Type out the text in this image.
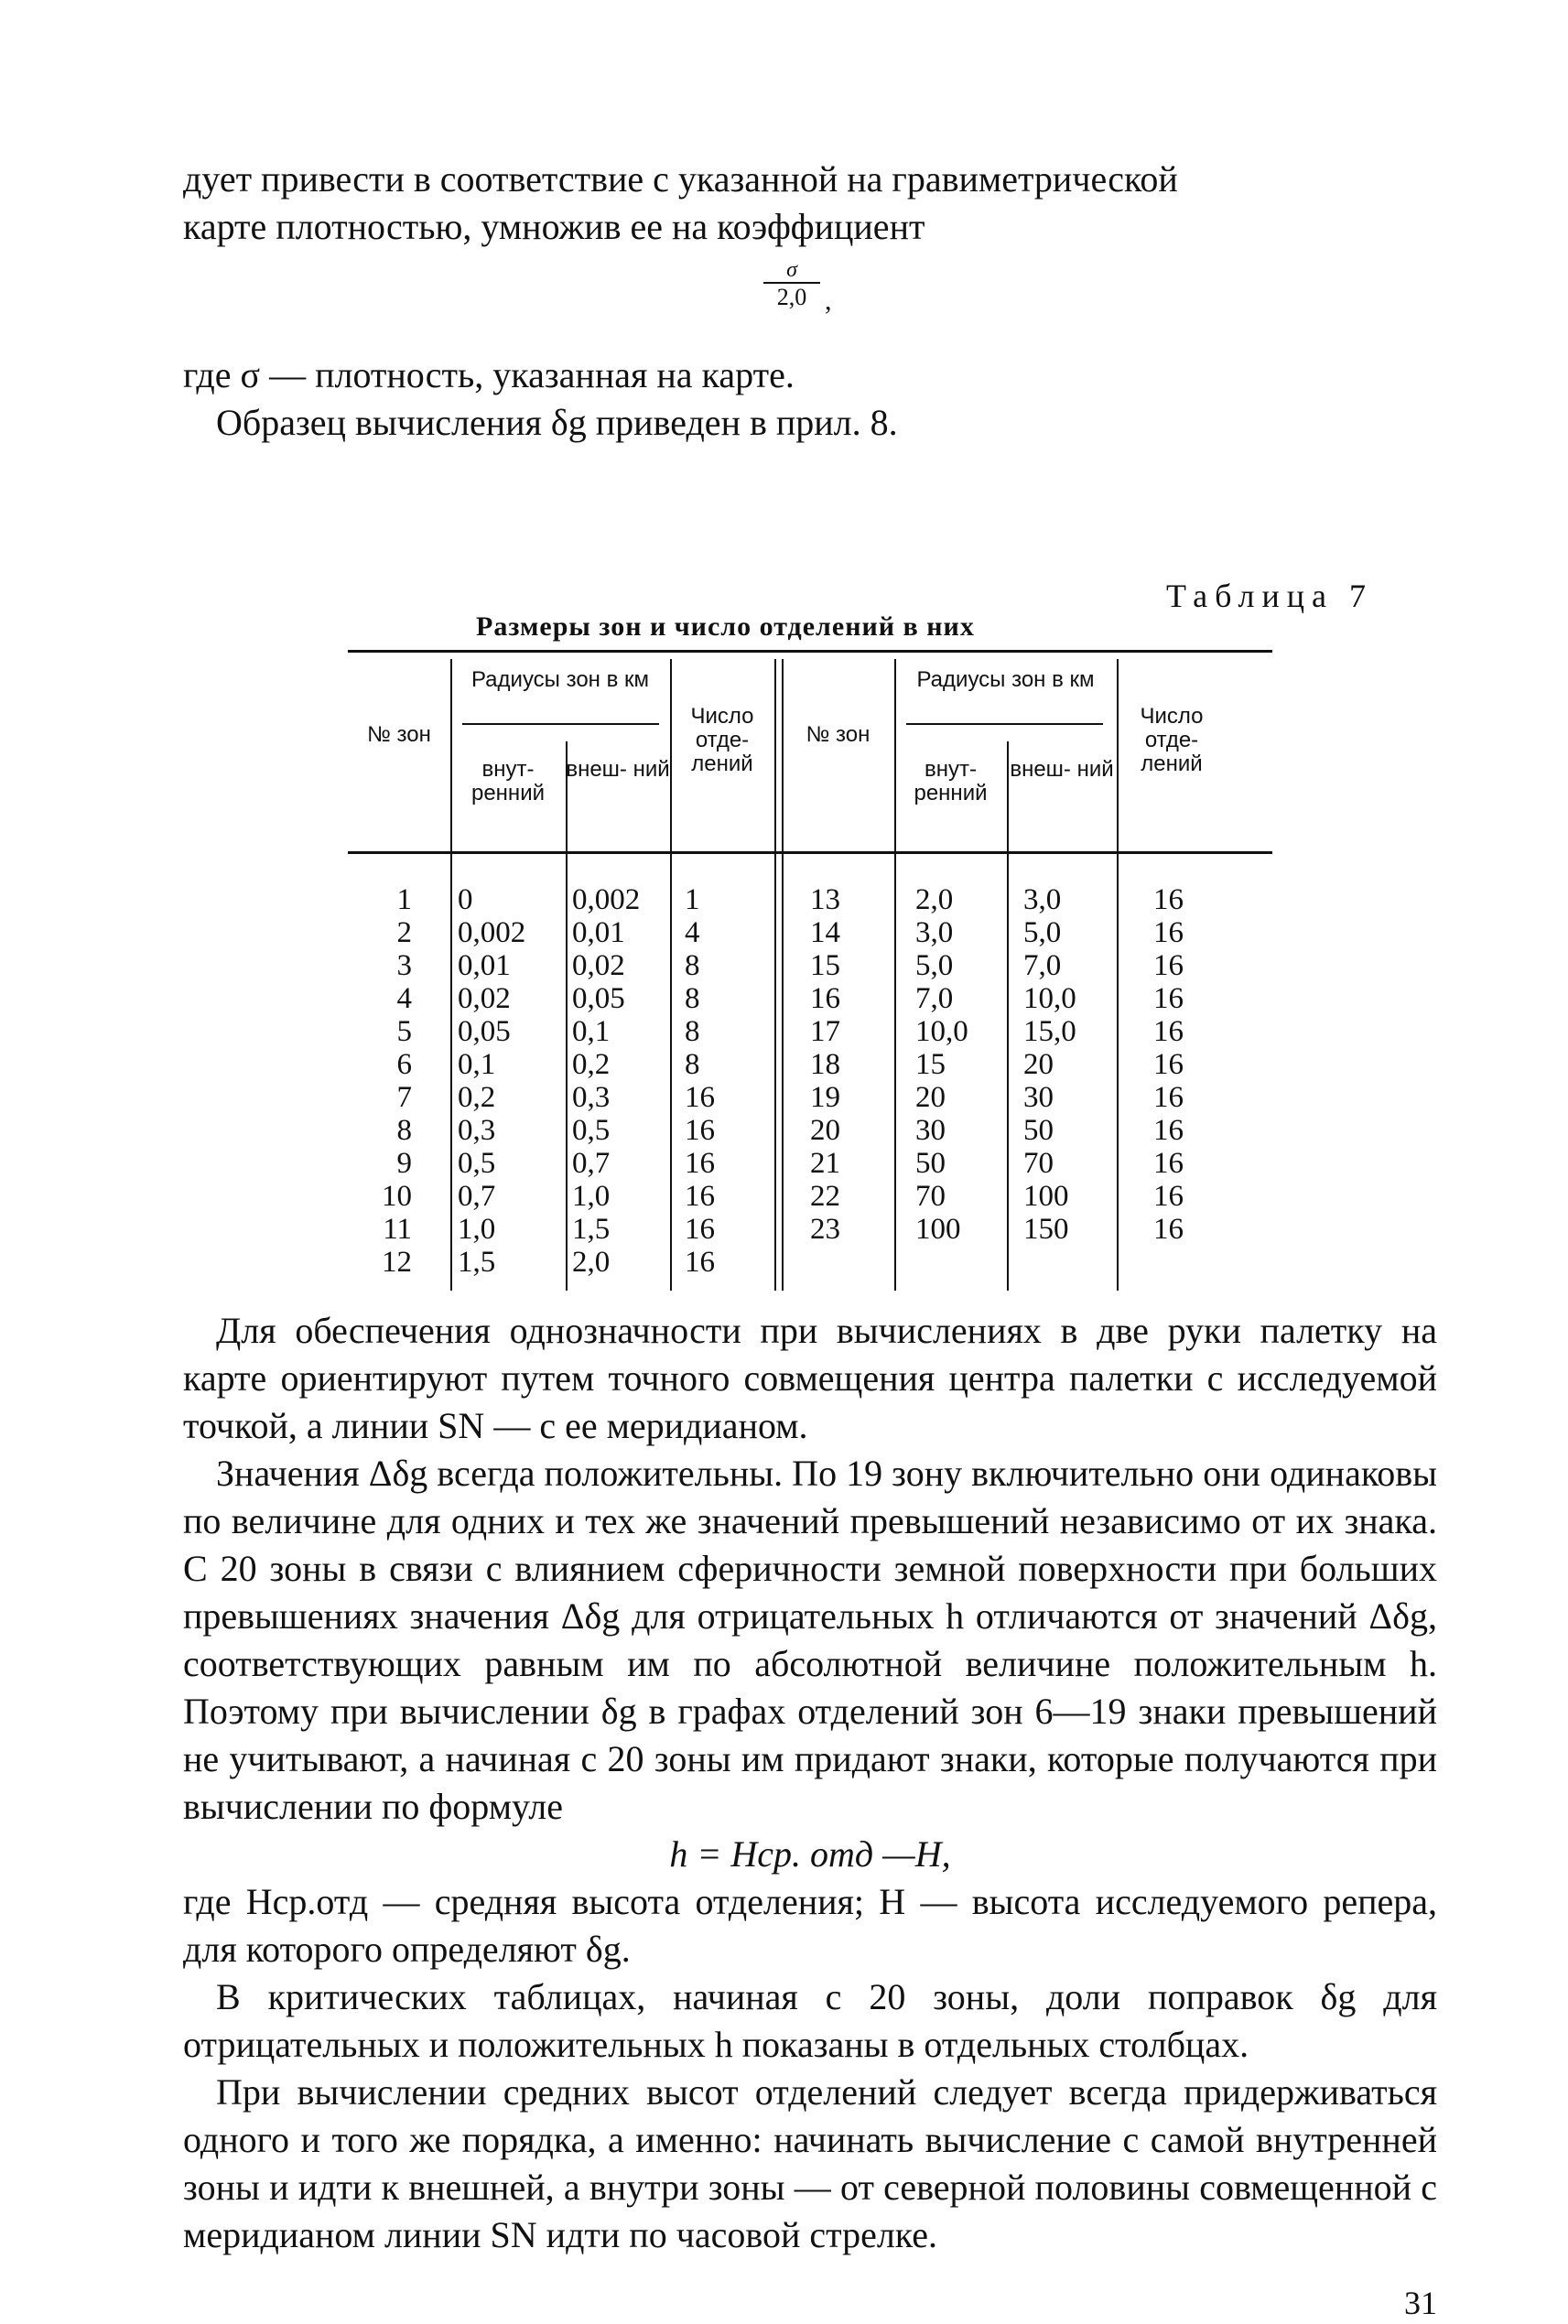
дует привести в соответствие с указанной на гравиметрической

карте плотностью, умножив ее на коэффициент

σ
2,0 ,

где σ — плотность, указанная на карте.

Образец вычисления δg приведен в прил. 8.

Таблица 7
Размеры зон и число отделений в них
№ зон
Радиусы зон в км
внут- ренний
внеш- ний
Число отде- лений
№ зон
Радиусы зон в км
внут- ренний
внеш- ний
Число отде- лений
1
2
3
4
5
6
7
8
9
10
11
12
0
0,002
0,01
0,02
0,05
0,1
0,2
0,3
0,5
0,7
1,0
1,5
0,002
0,01
0,02
0,05
0,1
0,2
0,3
0,5
0,7
1,0
1,5
2,0
1
4
8
8
8
8
16
16
16
16
16
16
13
14
15
16
17
18
19
20
21
22
23
2,0
3,0
5,0
7,0
10,0
15
20
30
50
70
100
3,0
5,0
7,0
10,0
15,0
20
30
50
70
100
150
16
16
16
16
16
16
16
16
16
16
16

Для обеспечения однозначности при вычислениях в две руки палетку на карте ориентируют путем точного совмещения центра палетки с исследуемой точкой, а линии SN — с ее меридианом.

Значения Δδg всегда положительны. По 19 зону включительно они одинаковы по величине для одних и тех же значений превышений независимо от их знака. С 20 зоны в связи с влиянием сферичности земной поверхности при больших превышениях значения Δδg для отрицательных h отличаются от значений Δδg, соответствующих равным им по абсолютной величине положительным h. Поэтому при вычислении δg в графах отделений зон 6—19 знаки превышений не учитывают, а начиная с 20 зоны им придают знаки, которые получаются при вычислении по формуле

h = Hср. отд —H,

где Hср.отд — средняя высота отделения; H — высота исследуемого репера, для которого определяют δg.

В критических таблицах, начиная с 20 зоны, доли поправок δg для отрицательных и положительных h показаны в отдельных столбцах.

При вычислении средних высот отделений следует всегда придерживаться одного и того же порядка, а именно: начинать вычисление с самой внутренней зоны и идти к внешней, а внутри зоны — от северной половины совмещенной с меридианом линии SN идти по часовой стрелке.

31
